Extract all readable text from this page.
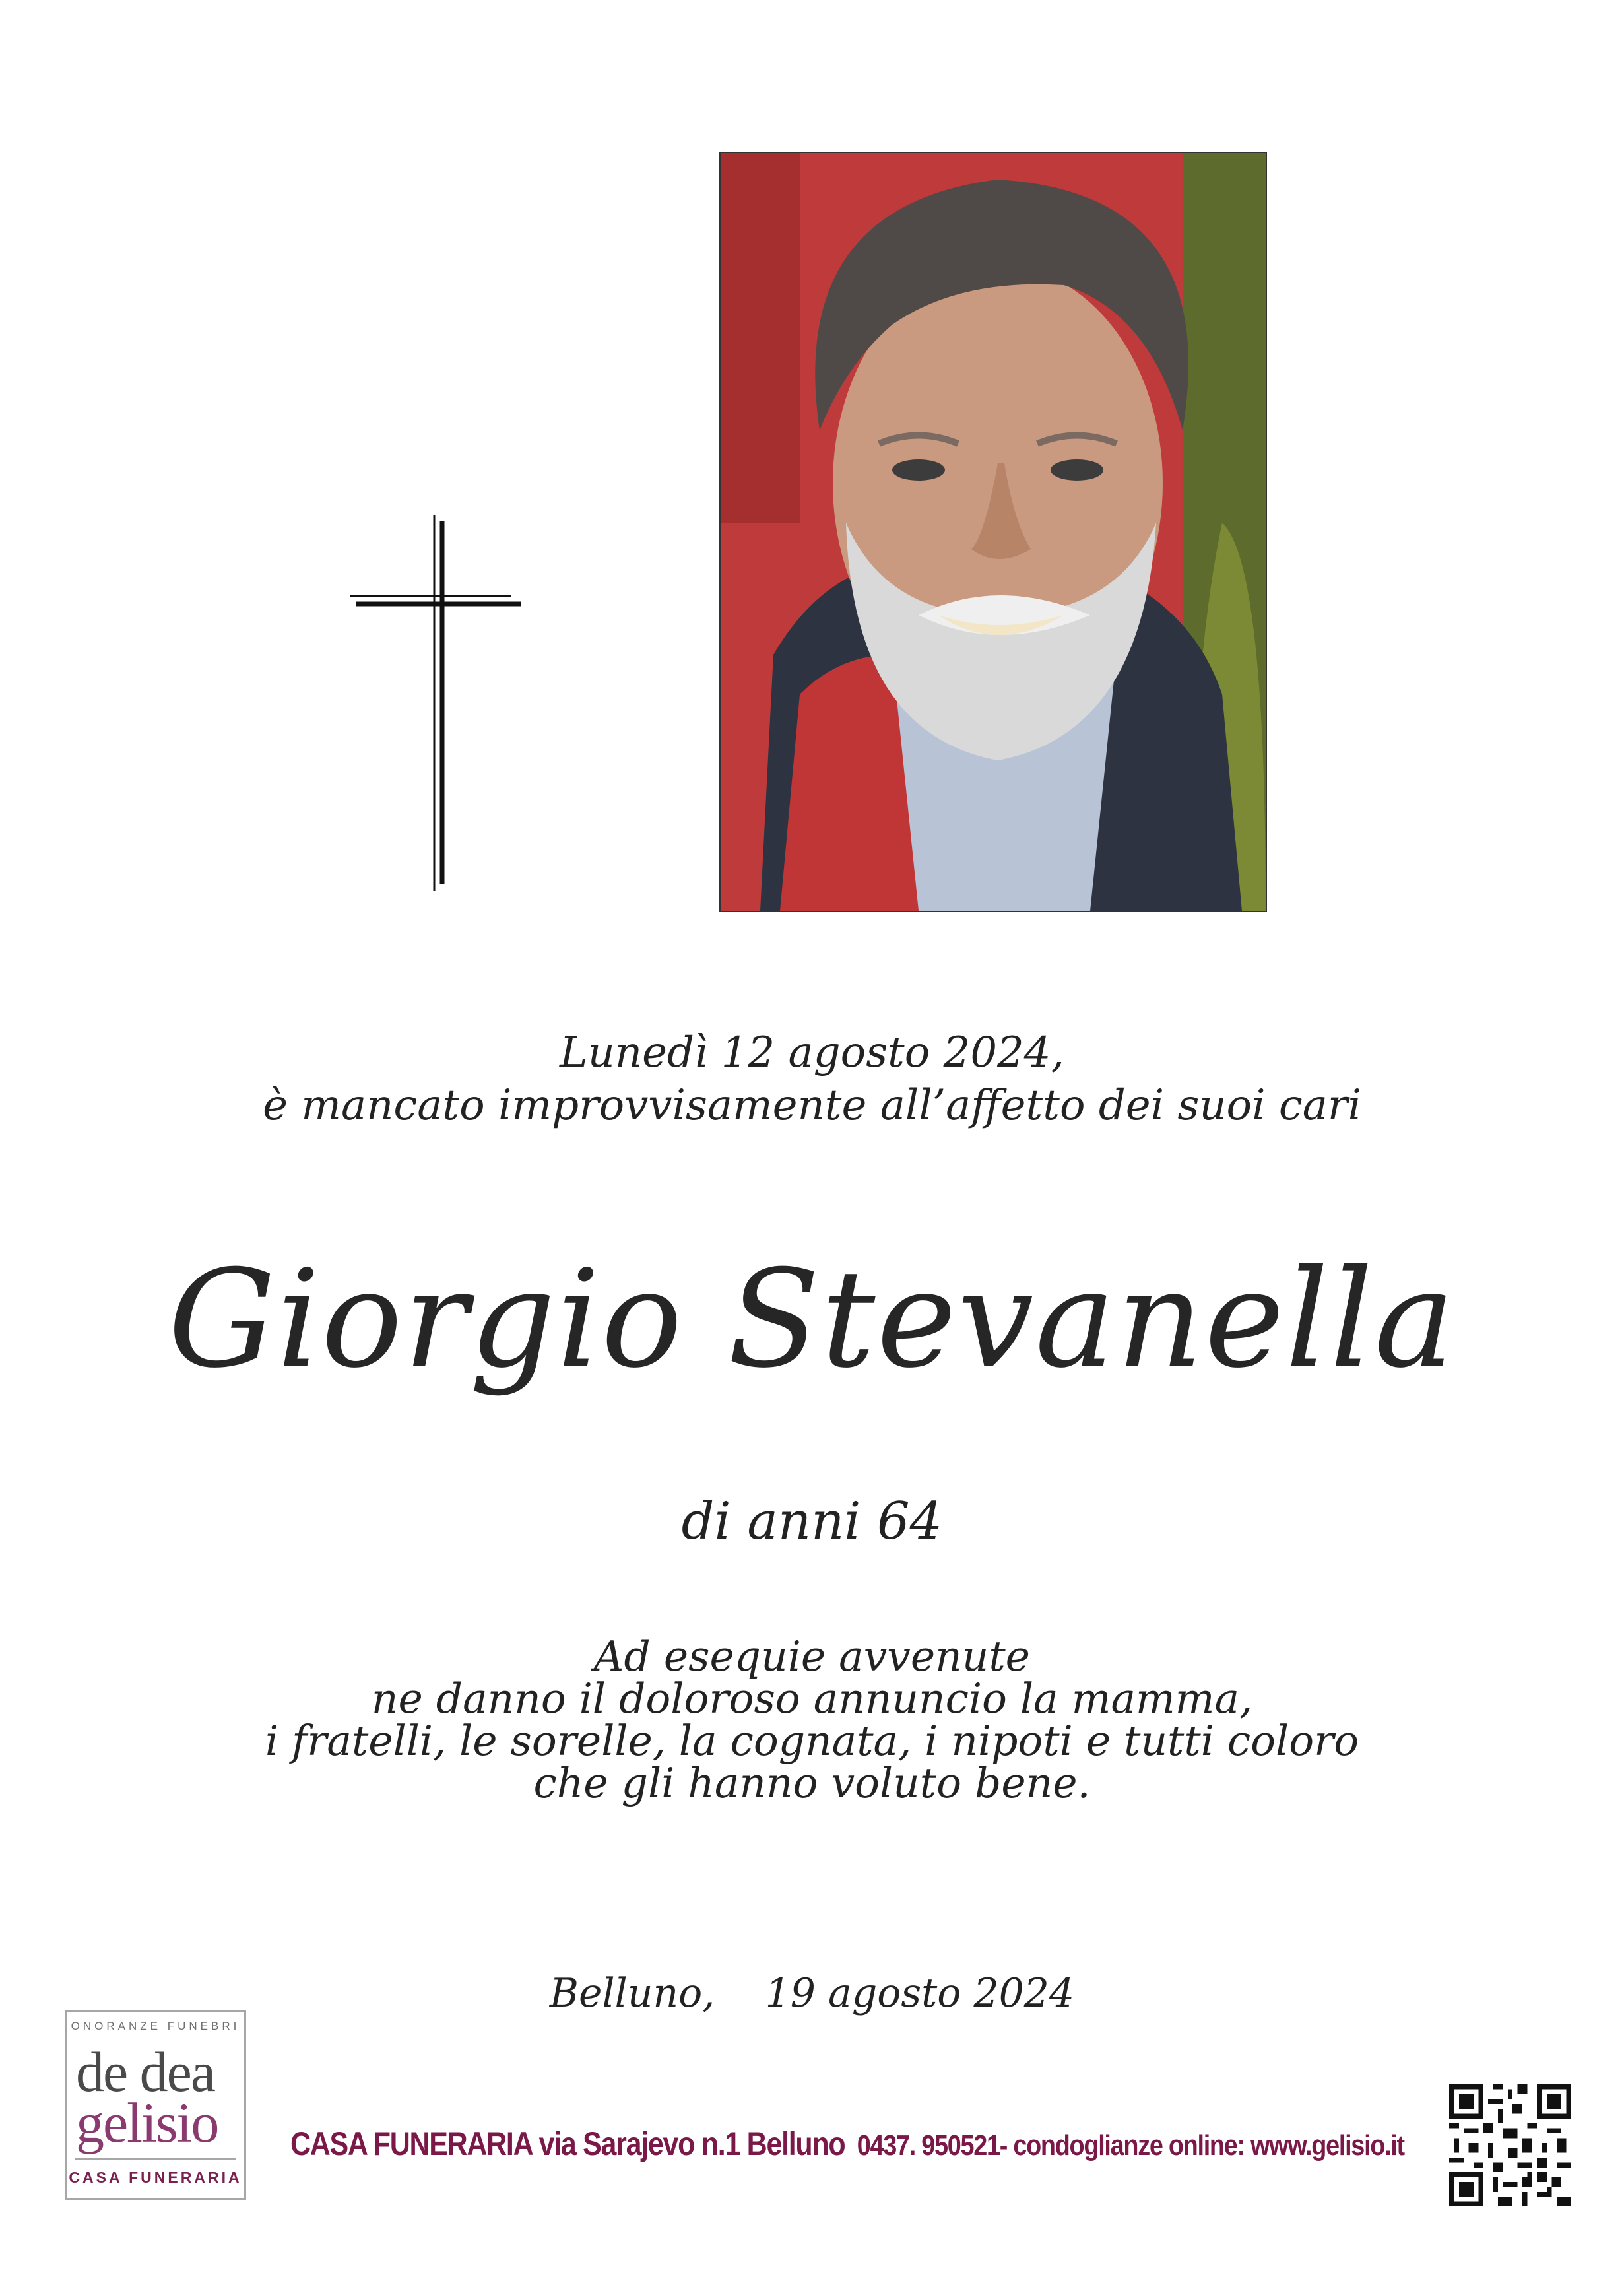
Lunedì 12 agosto 2024,
è mancato improvvisamente all’affetto dei suoi cari
Giorgio Stevanella
di anni 64
Ad esequie avvenute
ne danno il doloroso annuncio la mamma,
i fratelli, le sorelle, la cognata, i nipoti e tutti coloro
che gli hanno voluto bene.
Belluno, 19 agosto 2024
ONORANZE FUNEBRI
de dea
gelisio
CASA FUNERARIA
CASA FUNERARIA via Sarajevo n.1 Belluno 0437. 950521- condoglianze online: www.gelisio.it
